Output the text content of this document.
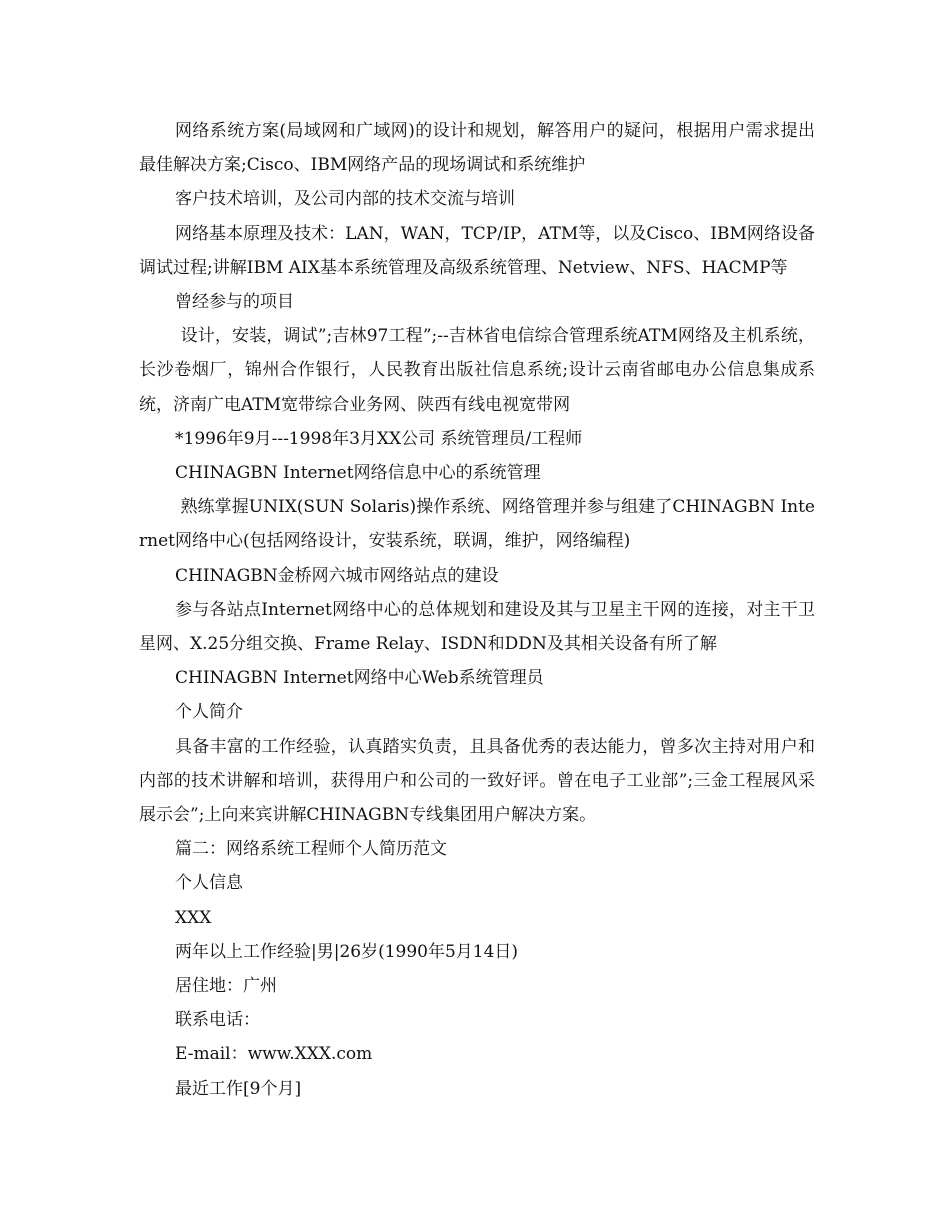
网络系统方案(局域网和广域网)的设计和规划，解答用户的疑问，根据用户需求提出最佳解决方案;Cisco、IBM网络产品的现场调试和系统维护

客户技术培训，及公司内部的技术交流与培训

网络基本原理及技术：LAN，WAN，TCP/IP，ATM等，以及Cisco、IBM网络设备调试过程;讲解IBM AIX基本系统管理及高级系统管理、Netview、NFS、HACMP等

曾经参与的项目

设计，安装，调试”;吉林97工程”;--吉林省电信综合管理系统ATM网络及主机系统，长沙卷烟厂，锦州合作银行，人民教育出版社信息系统;设计云南省邮电办公信息集成系统，济南广电ATM宽带综合业务网、陕西有线电视宽带网

*1996年9月---1998年3月XX公司 系统管理员/工程师

CHINAGBN Internet网络信息中心的系统管理

熟练掌握UNIX(SUN Solaris)操作系统、网络管理并参与组建了CHINAGBN Internet网络中心(包括网络设计，安装系统，联调，维护，网络编程)

CHINAGBN金桥网六城市网络站点的建设

参与各站点Internet网络中心的总体规划和建设及其与卫星主干网的连接，对主干卫星网、X.25分组交换、Frame Relay、ISDN和DDN及其相关设备有所了解

CHINAGBN Internet网络中心Web系统管理员

个人简介

具备丰富的工作经验，认真踏实负责，且具备优秀的表达能力，曾多次主持对用户和内部的技术讲解和培训，获得用户和公司的一致好评。曾在电子工业部”;三金工程展风采展示会”;上向来宾讲解CHINAGBN专线集团用户解决方案。

篇二：网络系统工程师个人简历范文

个人信息

XXX

两年以上工作经验|男|26岁(1990年5月14日)

居住地：广州

联系电话：

E-mail：www.XXX.com

最近工作[9个月]
